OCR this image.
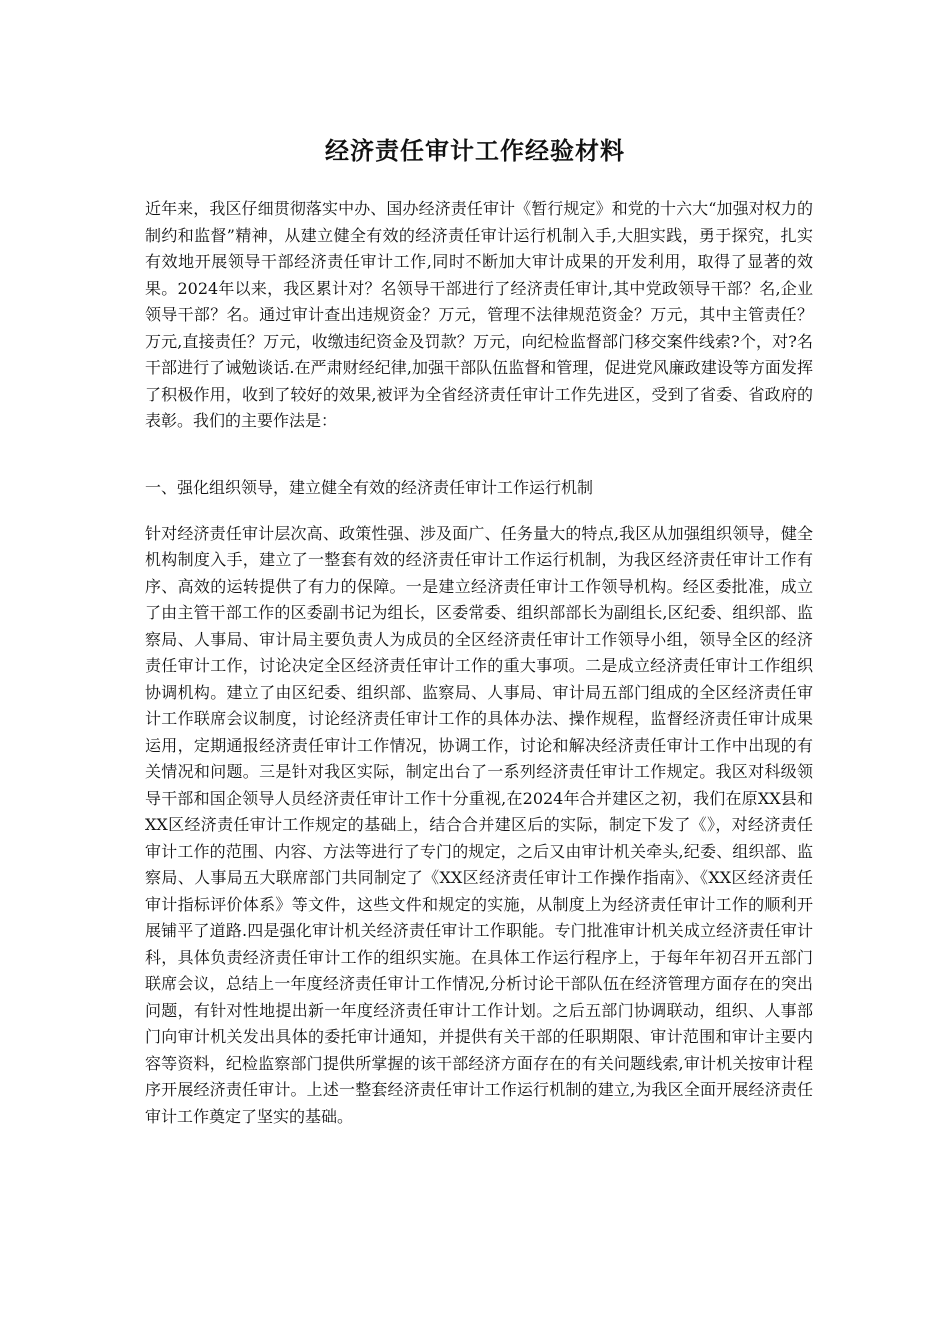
经济责任审计工作经验材料

近年来，我区仔细贯彻落实中办、国办经济责任审计《暂行规定》和党的十六大“加强对权力的制约和监督”精神，从建立健全有效的经济责任审计运行机制入手,大胆实践，勇于探究，扎实有效地开展领导干部经济责任审计工作,同时不断加大审计成果的开发利用，取得了显著的效果。2024年以来，我区累计对？名领导干部进行了经济责任审计,其中党政领导干部？名,企业领导干部？名。通过审计查出违规资金？万元，管理不法律规范资金？万元，其中主管责任？万元,直接责任？万元，收缴违纪资金及罚款？万元，向纪检监督部门移交案件线索?个，对?名干部进行了诫勉谈话.在严肃财经纪律,加强干部队伍监督和管理，促进党风廉政建设等方面发挥了积极作用，收到了较好的效果,被评为全省经济责任审计工作先进区，受到了省委、省政府的表彰。我们的主要作法是：

一、强化组织领导，建立健全有效的经济责任审计工作运行机制

针对经济责任审计层次高、政策性强、涉及面广、任务量大的特点,我区从加强组织领导，健全机构制度入手，建立了一整套有效的经济责任审计工作运行机制，为我区经济责任审计工作有序、高效的运转提供了有力的保障。一是建立经济责任审计工作领导机构。经区委批准，成立了由主管干部工作的区委副书记为组长，区委常委、组织部部长为副组长,区纪委、组织部、监察局、人事局、审计局主要负责人为成员的全区经济责任审计工作领导小组，领导全区的经济责任审计工作，讨论决定全区经济责任审计工作的重大事项。二是成立经济责任审计工作组织协调机构。建立了由区纪委、组织部、监察局、人事局、审计局五部门组成的全区经济责任审计工作联席会议制度，讨论经济责任审计工作的具体办法、操作规程，监督经济责任审计成果运用，定期通报经济责任审计工作情况，协调工作，讨论和解决经济责任审计工作中出现的有关情况和问题。三是针对我区实际，制定出台了一系列经济责任审计工作规定。我区对科级领导干部和国企领导人员经济责任审计工作十分重视,在2024年合并建区之初，我们在原XX县和XX区经济责任审计工作规定的基础上，结合合并建区后的实际，制定下发了《》，对经济责任审计工作的范围、内容、方法等进行了专门的规定，之后又由审计机关牵头,纪委、组织部、监察局、人事局五大联席部门共同制定了《XX区经济责任审计工作操作指南》、《XX区经济责任审计指标评价体系》等文件，这些文件和规定的实施，从制度上为经济责任审计工作的顺利开展铺平了道路.四是强化审计机关经济责任审计工作职能。专门批准审计机关成立经济责任审计科，具体负责经济责任审计工作的组织实施。在具体工作运行程序上，于每年年初召开五部门联席会议，总结上一年度经济责任审计工作情况,分析讨论干部队伍在经济管理方面存在的突出问题，有针对性地提出新一年度经济责任审计工作计划。之后五部门协调联动，组织、人事部门向审计机关发出具体的委托审计通知，并提供有关干部的任职期限、审计范围和审计主要内容等资料，纪检监察部门提供所掌握的该干部经济方面存在的有关问题线索,审计机关按审计程序开展经济责任审计。上述一整套经济责任审计工作运行机制的建立,为我区全面开展经济责任审计工作奠定了坚实的基础。
